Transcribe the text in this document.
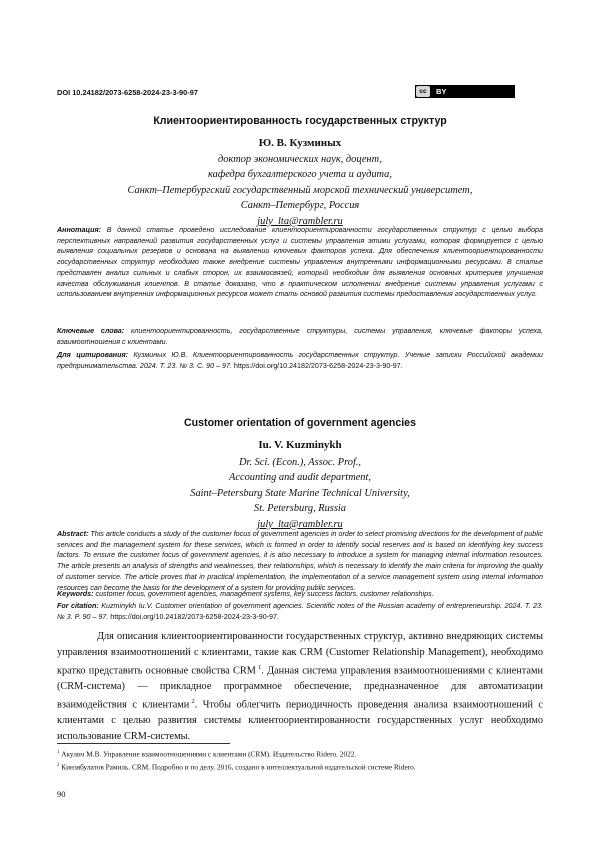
DOI 10.24182/2073-6258-2024-23-3-90-97	cc	BY
Клиентоориентированность государственных структур
Ю. В. Кузминых
доктор экономических наук, доцент,
кафедра бухгалтерского учета и аудита,
Санкт–Петербургский государственный морской технический университет,
Санкт–Петербург, Россия
july_lta@rambler.ru
Аннотация: В данной статье проведено исследование клиентоориентированности государственных структур с целью выбора перспективных направлений развития государственных услуг и системы управления этими услугами, которая формируется с целью выявления социальных резервов и основана на выявлении ключевых факторов успеха. Для обеспечения клиентоориентированности государственных структур необходимо также внедрение системы управления внутренними информационными ресурсами. В статье представлен анализ сильных и слабых сторон, их взаимосвязей, который необходим для выявления основных критериев улучшения качества обслуживания клиентов. В статье доказано, что в практическом исполнении внедрение системы управления услугами с использованием внутренних информационных ресурсов может стать основой развития системы предоставления государственных услуг.
Ключевые слова: клиентоориентированность, государственные структуры, системы управления, ключевые факторы успеха, взаимоотношения с клиентами.
Для цитирования: Кузминых Ю.В. Клиентоориентированность государственных структур. Ученые записки Российской академии предпринимательства. 2024. Т. 23. № 3. С. 90 – 97. https://doi.org/10.24182/2073-6258-2024-23-3-90-97.
Customer orientation of government agencies
Iu. V. Kuzminykh
Dr. Sci. (Econ.), Assoc. Prof.,
Accounting and audit department,
Saint–Petersburg State Marine Technical University,
St. Petersburg, Russia
july_lta@rambler.ru
Abstract: This article conducts a study of the customer focus of government agencies in order to select promising directions for the development of public services and the management system for these services, which is formed in order to identify social reserves and is based on identifying key success factors. To ensure the customer focus of government agencies, it is also necessary to introduce a system for managing internal information resources. The article presents an analysis of strengths and weaknesses, their relationships, which is necessary to identify the main criteria for improving the quality of customer service. The article proves that in practical implementation, the implementation of a service management system using internal information resources can become the basis for the development of a system for providing public services.
Keywords: customer focus, government agencies, management systems, key success factors, customer relationships.
For citation: Kuzminykh Iu.V. Customer orientation of government agencies. Scientific notes of the Russian academy of entrepreneurship. 2024. T. 23. № 3. P. 90 – 97. https://doi.org/10.24182/2073-6258-2024-23-3-90-97.
Для описания клиентоориентированности государственных структур, активно внедряющих системы управления взаимоотношений с клиентами, такие как CRM (Customer Relationship Management), необходимо кратко представить основные свойства CRM  $^1$. Данная система управления взаимоотношениями с клиентами (CRM-система) — прикладное программное обеспечение, предназначенное для автоматизации взаимодействия с клиентами  $^2$. Чтобы облегчить периодичность проведения анализа взаимоотношений с клиентами с целью развития системы клиентоориентированности государственных услуг необходимо использование CRM-системы.
$^1$ Акулич М.В. Управление взаимоотношениями с клиентами (CRM). Издательство Ridero. 2022.
$^2$ Кинзябулатов Рамиль. CRM. Подробно и по делу. 2016, создано в интеллектуальной издательской системе Ridero.
90
